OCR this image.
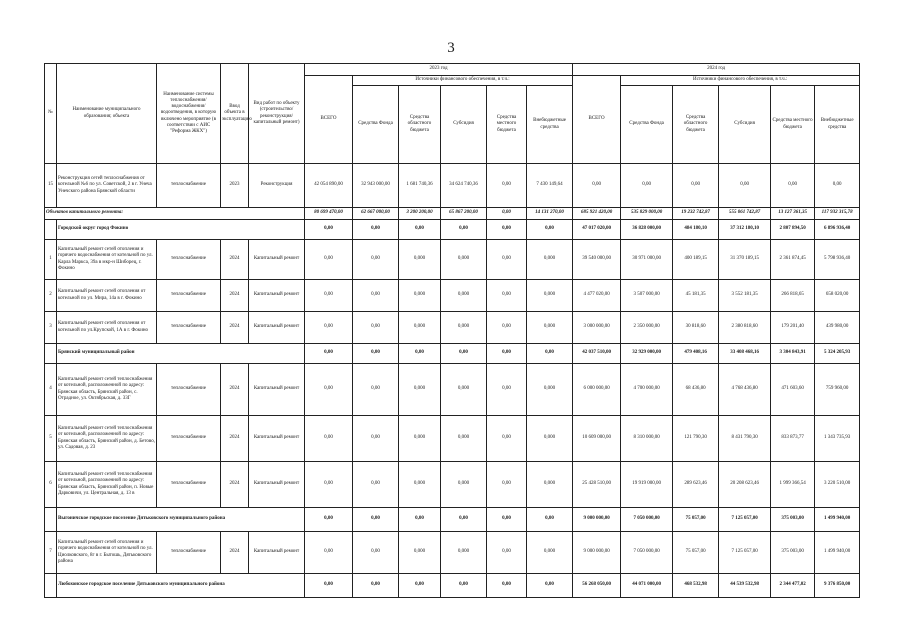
3
№	Наименование муниципального образования; объекта	Наименование системы теплоснабжения/ водоснабжения/ водоотведения, в которую включено мероприятие (в соответствии с АИС "Реформа ЖКХ")	Ввод объекта в эксплуатацию	Вид работ по объекту (строительство/ реконструкция/ капитальный ремонт)	2023 год						2024 год					
					ВСЕГО	Источники финансового обеспечения, в т.ч.:					ВСЕГО	Источники финансового обеспечения, в т.ч.:				
						Средства Фонда	Средства областного бюджета	Субсидия	Средства местного бюджета	Внебюджетные средства		Средства Фонда	Средства областного бюджета	Субсидия	Средства местного бюджета	Внебюджетные средства
15	Реконструкция сетей теплоснабжения от котельной №6 по ул. Советской, 2 в г. Унеча Унечского района Брянской области	теплоснабжение	2023	Реконструкция	42 054 890,00	32 943 000,00	1 681 740,36	34 624 740,36	0,00	7 430 149,64	0,00	0,00	0,00	0,00	0,00	0,00
Объектов капитального ремонта:					80 699 470,00	62 667 000,00	3 200 200,00	65 867 200,00	0,00	14 131 270,00	685 921 420,00	535 829 000,00	19 232 742,87	555 061 742,87	13 127 361,35	117 932 315,78
	Городской округ город Фокино				0,00	0,00	0,00	0,00	0,00	0,00	47 017 020,00	36 828 000,00	484 180,10	37 312 180,10	2 807 894,50	6 896 936,40
1	Капитальный ремонт сетей отопления и горячего водоснабжения от котельной по ул. Карла Маркса, 39а в мкр-н Шиборец, г. Фокино	теплоснабжение	2024	Капитальный ремонт	0,00	0,00	0,000	0,000	0,00	0,000	39 540 000,00	30 971 000,00	400 189,15	31 370 189,15	2 361 874,45	5 798 936,40
2	Капитальный ремонт сетей отопления от котельной по ул. Мира, 14а в г. Фокино	теплоснабжение	2024	Капитальный ремонт	0,00	0,00	0,000	0,000	0,00	0,000	4 477 020,00	3 507 000,00	45 181,35	3 552 181,35	266 818,65	658 020,00
3	Капитальный ремонт сетей отопления от котельной по ул.Крупской, 1А в г. Фокино	теплоснабжение	2024	Капитальный ремонт	0,00	0,00	0,000	0,000	0,00	0,000	3 000 000,00	2 350 000,00	30 818,60	2 380 818,60	179 201,40	439 980,00
	Брянский муниципальный район				0,00	0,00	0,00	0,00	0,00	0,00	42 037 510,00	32 929 000,00	479 408,16	33 408 468,16	3 304 843,91	5 324 205,93
4	Капитальный ремонт сетей теплоснабжения от котельной, расположенной по адресу: Брянская область, Брянский район, с. Отрадное, ул. Октябрьская, д. 33Г	теплоснабжение	2024	Капитальный ремонт	0,00	0,00	0,000	0,000	0,00	0,000	6 000 000,00	4 700 000,00	68 436,80	4 768 436,80	471 603,60	759 960,00
5	Капитальный ремонт сетей теплоснабжения от котельной, расположенной по адресу: Брянская область, Брянский район, д. Бетово, ул. Садовая, д. 23	теплоснабжение	2024	Капитальный ремонт	0,00	0,00	0,000	0,000	0,00	0,000	10 609 000,00	8 310 000,00	121 790,30	8 431 790,30	833 873,77	1 343 735,93
6	Капитальный ремонт сетей теплоснабжения от котельной, расположенной по адресу: Брянская область, Брянский район, п. Новые Дарковичи, ул. Центральная, д. 13 в	теплоснабжение	2024	Капитальный ремонт	0,00	0,00	0,000	0,000	0,00	0,000	25 428 510,00	19 919 000,00	289 623,46	20 208 623,46	1 999 366,54	3 220 510,00
	Выгоничское городское поселение Дятьковского муниципального района				0,00	0,00	0,00	0,00	0,00	0,00	9 000 000,00	7 050 000,00	75 057,00	7 125 057,00	375 003,00	1 499 940,00
7	Капитальный ремонт сетей отопления и горячего водоснабжения от котельной по ул. Циолковского, 8г в г. Бытошь, Дятьковского района	теплоснабжение	2024	Капитальный ремонт	0,00	0,00	0,000	0,000	0,00	0,000	9 000 000,00	7 050 000,00	75 057,00	7 125 057,00	375 003,00	1 499 940,00
	Любохонское городское поселение Дятьковского муниципального района				0,00	0,00	0,00	0,00	0,00	0,00	56 268 050,00	44 071 000,00	468 532,98	44 539 532,98	2 344 477,02	9 376 850,00
